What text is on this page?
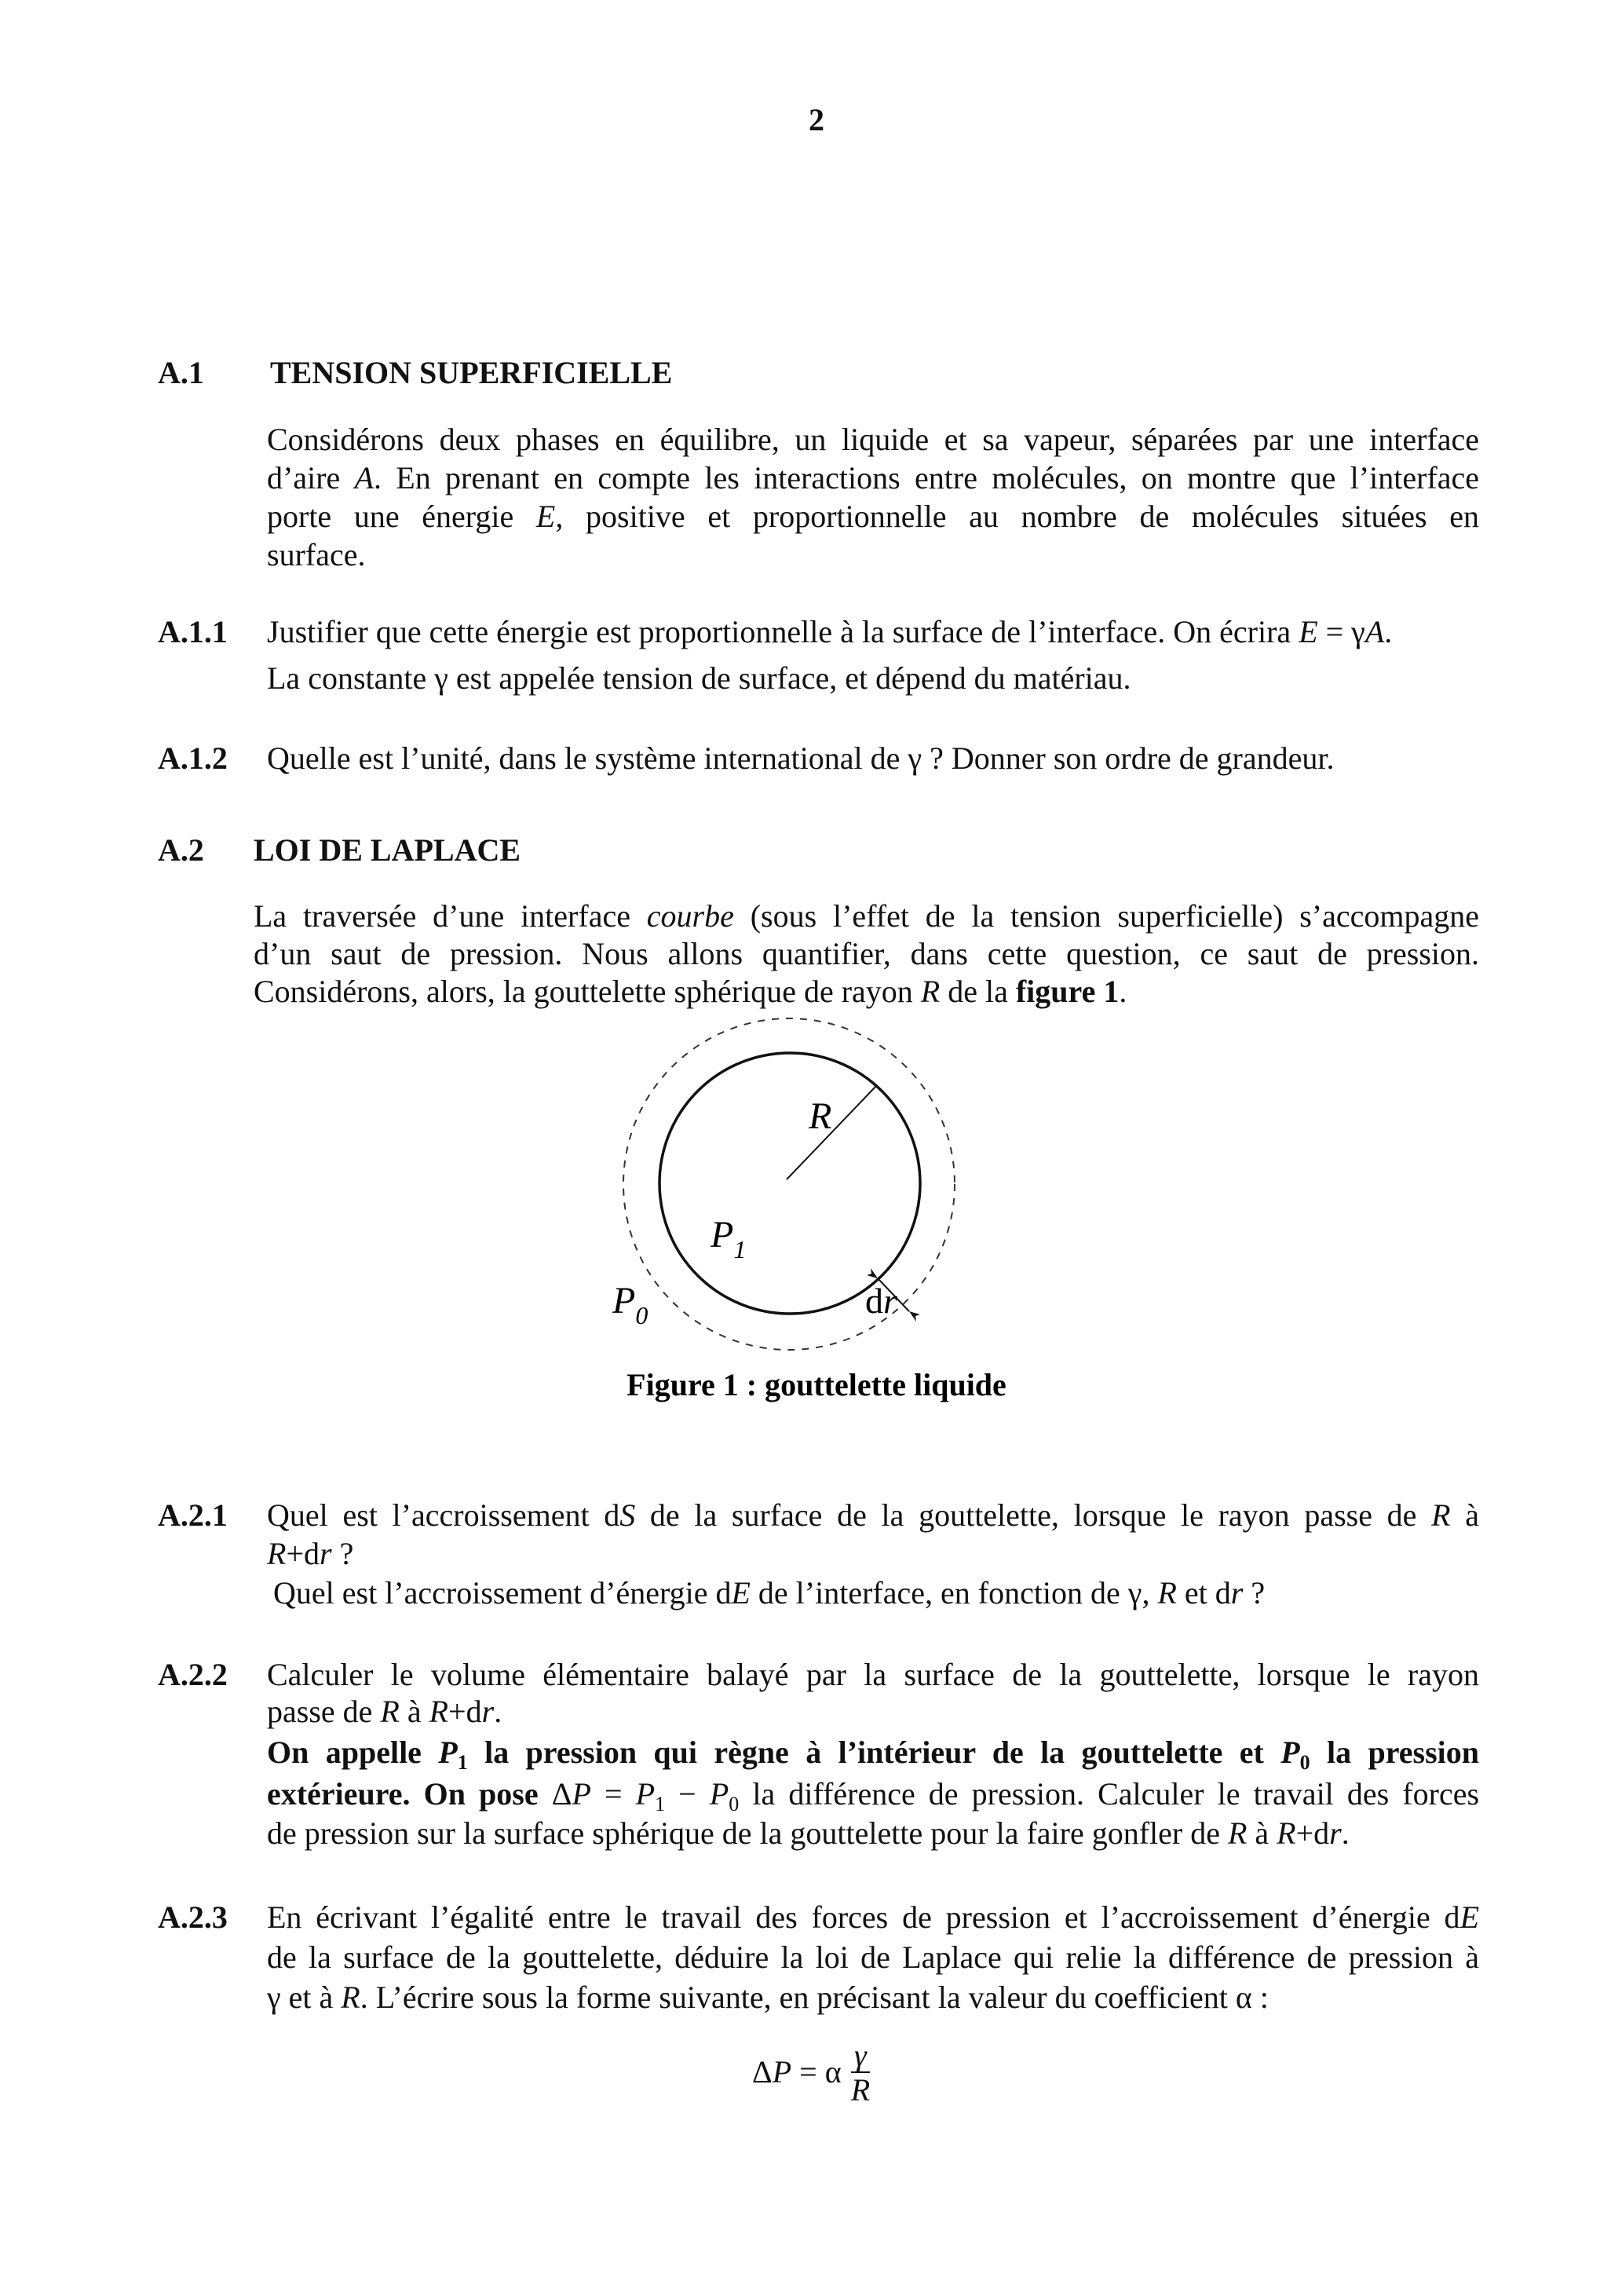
2
A.1 TENSION SUPERFICIELLE
Considérons deux phases en équilibre, un liquide et sa vapeur, séparées par une interface
d’aire A. En prenant en compte les interactions entre molécules, on montre que l’interface
porte une énergie E, positive et proportionnelle au nombre de molécules situées en
surface.
A.1.1 Justifier que cette énergie est proportionnelle à la surface de l’interface. On écrira E = γA.
La constante γ est appelée tension de surface, et dépend du matériau.
A.1.2 Quelle est l’unité, dans le système international de γ ? Donner son ordre de grandeur.
A.2 LOI DE LAPLACE
La traversée d’une interface courbe (sous l’effet de la tension superficielle) s’accompagne
d’un saut de pression. Nous allons quantifier, dans cette question, ce saut de pression.
Considérons, alors, la gouttelette sphérique de rayon R de la figure 1.
R
$P_1$
$P_0$	dr
Figure 1 : gouttelette liquide
A.2.1 Quel est l’accroissement dS de la surface de la gouttelette, lorsque le rayon passe de R à
R+dr ?
Quel est l’accroissement d’énergie dE de l’interface, en fonction de γ, R et dr ?
A.2.2 Calculer le volume élémentaire balayé par la surface de la gouttelette, lorsque le rayon
passe de R à R+dr.
On appelle $P_1$ la pression qui règne à l’intérieur de la gouttelette et $P_0$ la pression
extérieure. On pose $\Delta P = P_1 - P_0$ la différence de pression. Calculer le travail des forces
de pression sur la surface sphérique de la gouttelette pour la faire gonfler de R à R+dr.
A.2.3 En écrivant l’égalité entre le travail des forces de pression et l’accroissement d’énergie dE
de la surface de la gouttelette, déduire la loi de Laplace qui relie la différence de pression à
γ et à R. L’écrire sous la forme suivante, en précisant la valeur du coefficient α :
ΔP = α $\frac{\gamma}{R}$
